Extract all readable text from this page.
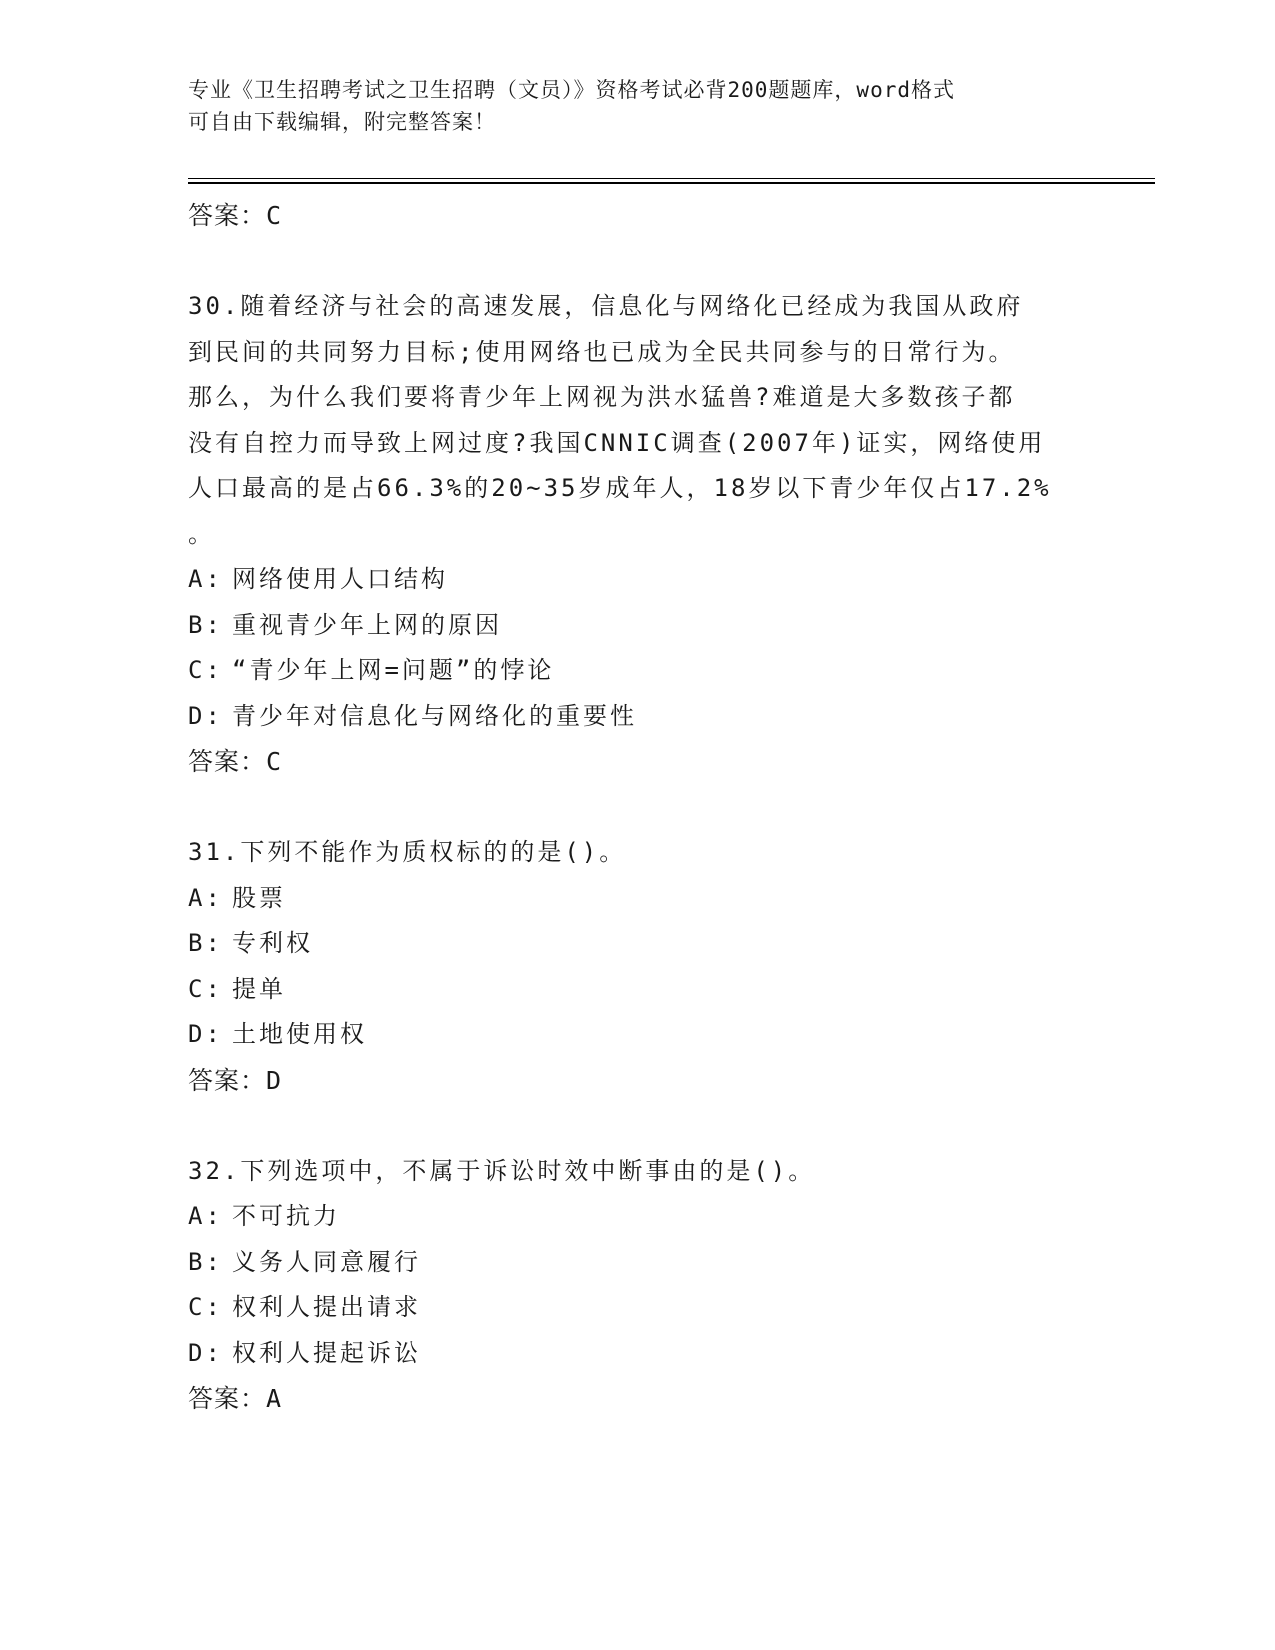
专业《卫生招聘考试之卫生招聘（文员）》资格考试必背200题题库，word格式
可自由下载编辑，附完整答案！
答案：C
30.随着经济与社会的高速发展，信息化与网络化已经成为我国从政府
到民间的共同努力目标;使用网络也已成为全民共同参与的日常行为。
那么，为什么我们要将青少年上网视为洪水猛兽?难道是大多数孩子都
没有自控力而导致上网过度?我国CNNIC调查(2007年)证实，网络使用
人口最高的是占66.3%的20~35岁成年人，18岁以下青少年仅占17.2%
。
A: 网络使用人口结构
B: 重视青少年上网的原因
C: “青少年上网=问题”的悖论
D: 青少年对信息化与网络化的重要性
答案：C
31.下列不能作为质权标的的是()。
A: 股票
B: 专利权
C: 提单
D: 土地使用权
答案：D
32.下列选项中，不属于诉讼时效中断事由的是()。
A: 不可抗力
B: 义务人同意履行
C: 权利人提出请求
D: 权利人提起诉讼
答案：A
